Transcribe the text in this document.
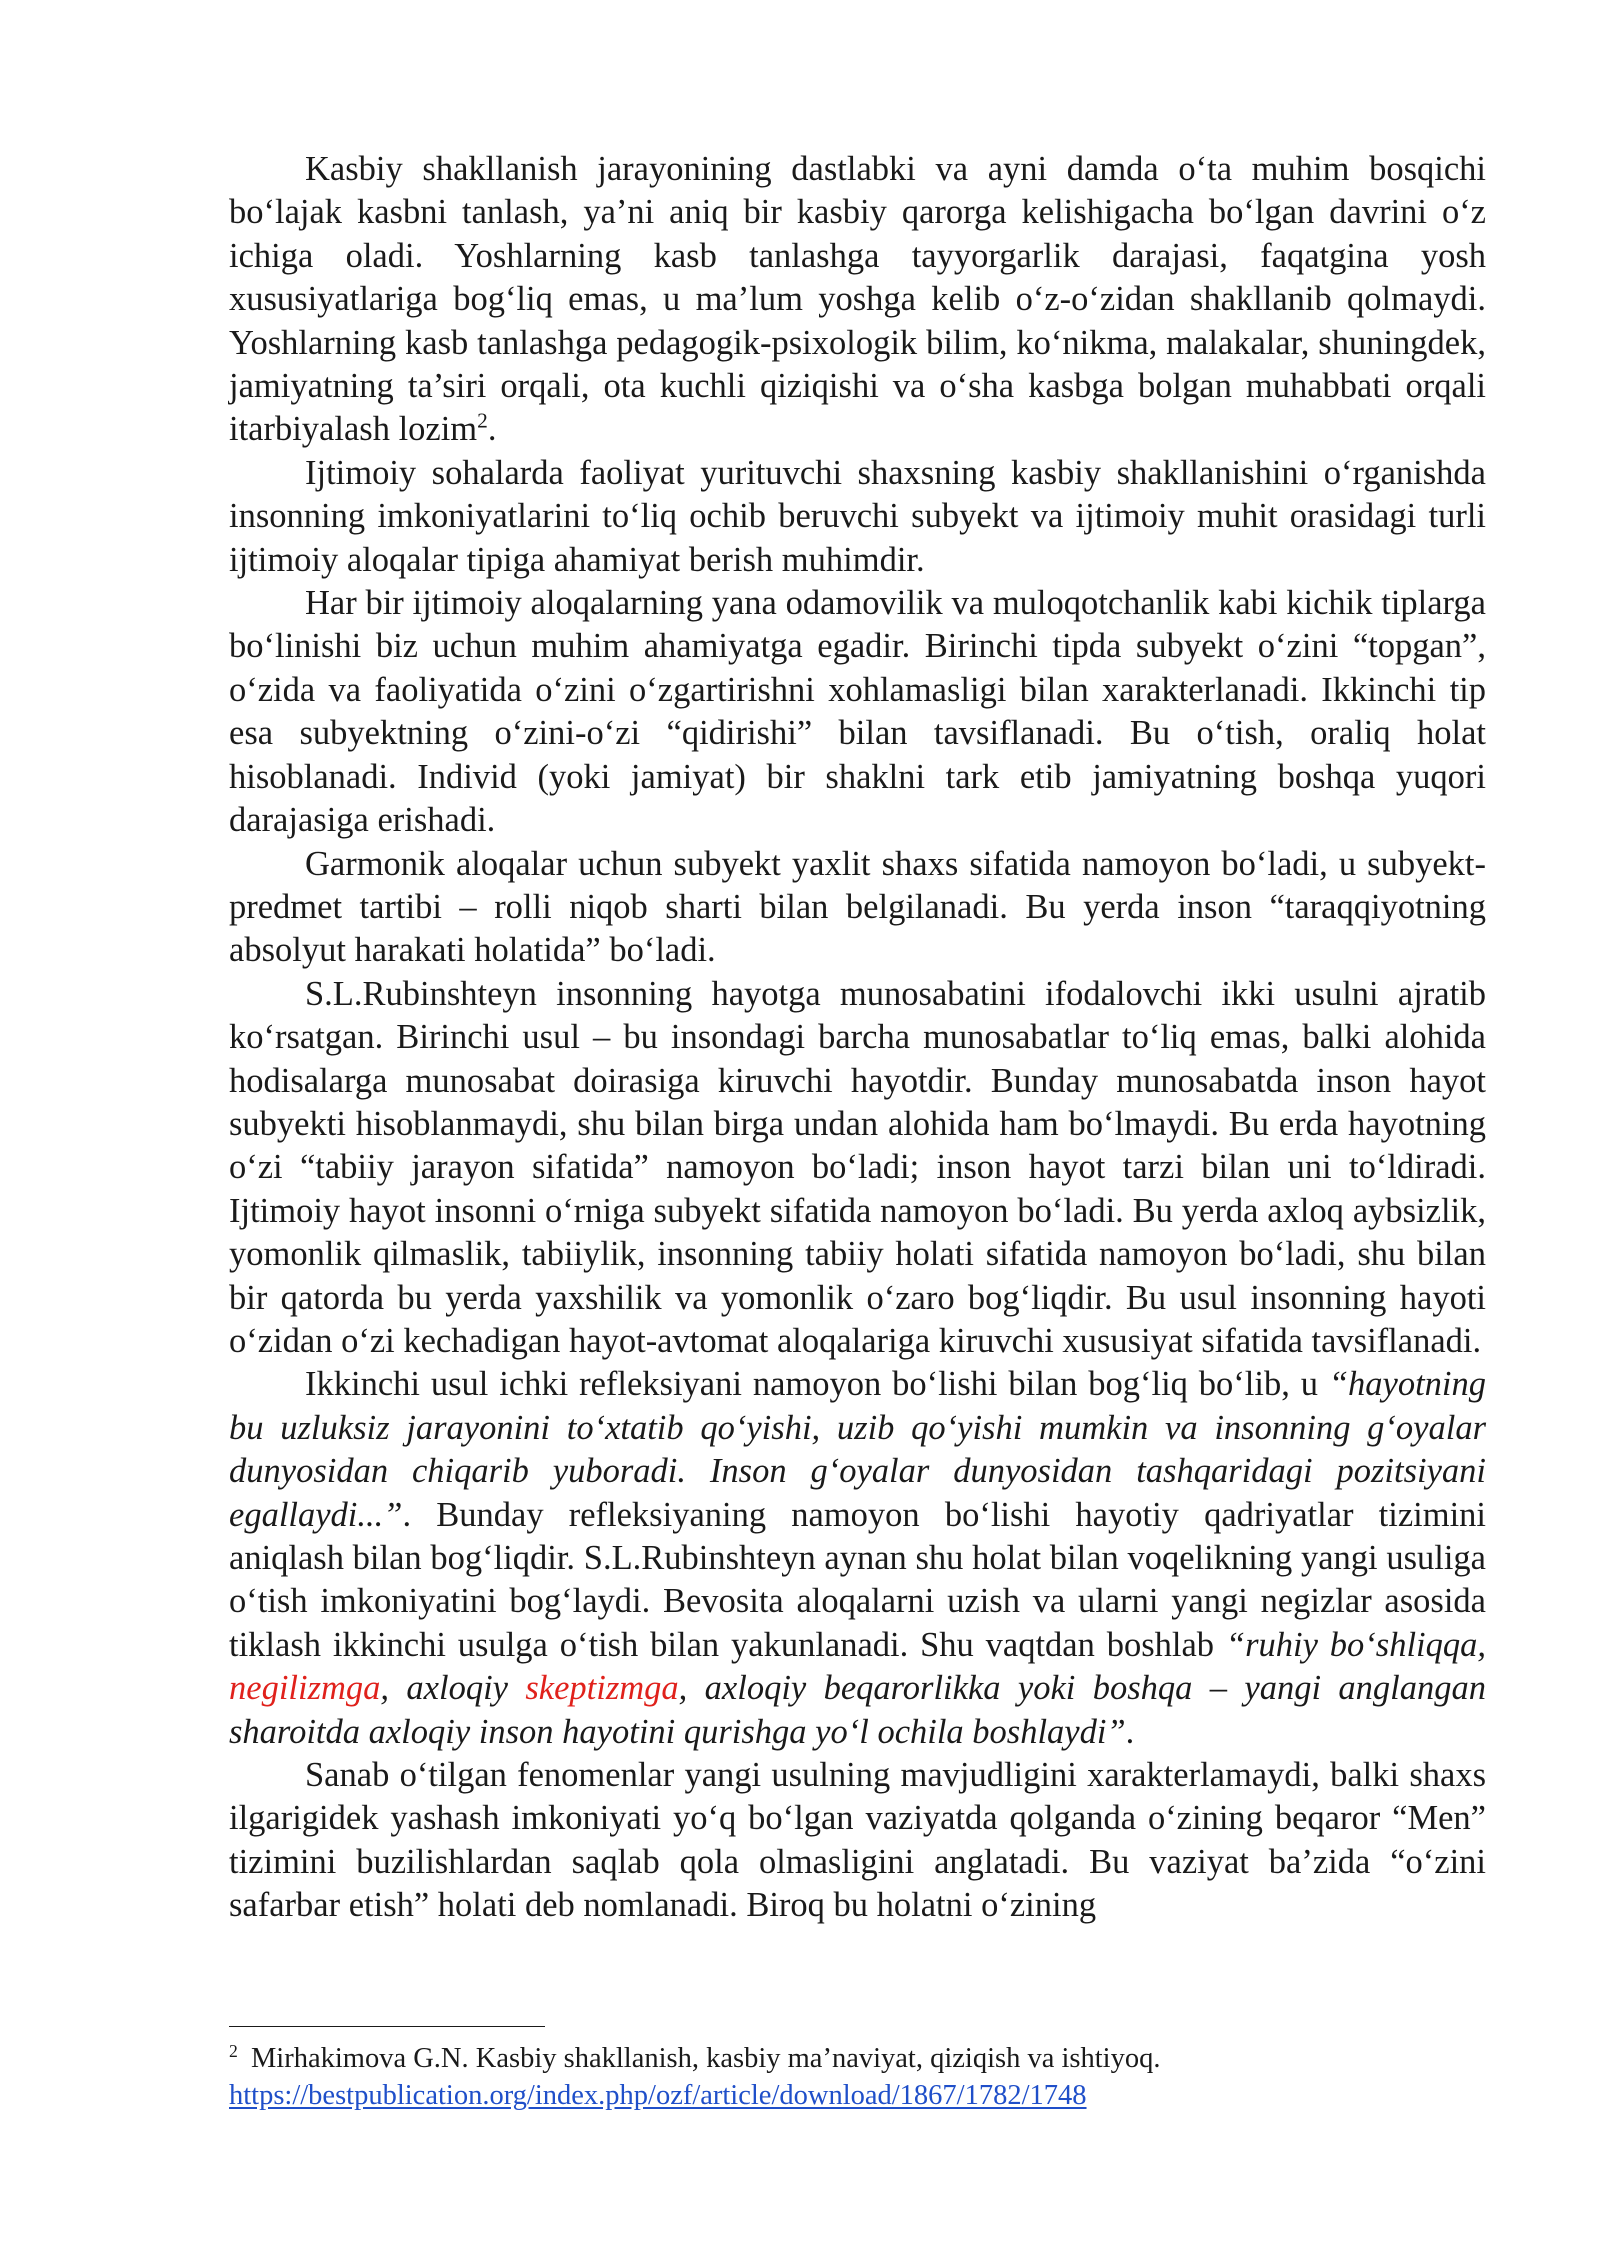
Kasbiy shakllanish jarayonining dastlabki va ayni damda o‘ta muhim bosqichi bo‘lajak kasbni tanlash, ya’ni aniq bir kasbiy qarorga kelishigacha bo‘lgan davrini o‘z ichiga oladi. Yoshlarning kasb tanlashga tayyorgarlik darajasi, faqatgina yosh xususiyatlariga bog‘liq emas, u ma’lum yoshga kelib o‘z-o‘zidan shakllanib qolmaydi. Yoshlarning kasb tanlashga pedagogik-psixologik bilim, ko‘nikma, malakalar, shuningdek, jamiyatning ta’siri orqali, ota kuchli qiziqishi va o‘sha kasbga bolgan muhabbati orqali itarbiyalash lozim$^2$.

Ijtimoiy sohalarda faoliyat yurituvchi shaxsning kasbiy shakllanishini o‘rganishda insonning imkoniyatlarini to‘liq ochib beruvchi subyekt va ijtimoiy muhit orasidagi turli ijtimoiy aloqalar tipiga ahamiyat berish muhimdir.

Har bir ijtimoiy aloqalarning yana odamovilik va muloqotchanlik kabi kichik tiplarga bo‘linishi biz uchun muhim ahamiyatga egadir. Birinchi tipda subyekt o‘zini “topgan”, o‘zida va faoliyatida o‘zini o‘zgartirishni xohlamasligi bilan xarakterlanadi. Ikkinchi tip esa subyektning o‘zini-o‘zi “qidirishi” bilan tavsiflanadi. Bu o‘tish, oraliq holat hisoblanadi. Individ (yoki jamiyat) bir shaklni tark etib jamiyatning boshqa yuqori darajasiga erishadi.

Garmonik aloqalar uchun subyekt yaxlit shaxs sifatida namoyon bo‘ladi, u subyekt-predmet tartibi – rolli niqob sharti bilan belgilanadi. Bu yerda inson “taraqqiyotning absolyut harakati holatida” bo‘ladi.

S.L.Rubinshteyn insonning hayotga munosabatini ifodalovchi ikki usulni ajratib ko‘rsatgan. Birinchi usul – bu insondagi barcha munosabatlar to‘liq emas, balki alohida hodisalarga munosabat doirasiga kiruvchi hayotdir. Bunday munosabatda inson hayot subyekti hisoblanmaydi, shu bilan birga undan alohida ham bo‘lmaydi. Bu erda hayotning o‘zi “tabiiy jarayon sifatida” namoyon bo‘ladi; inson hayot tarzi bilan uni to‘ldiradi. Ijtimoiy hayot insonni o‘rniga subyekt sifatida namoyon bo‘ladi. Bu yerda axloq aybsizlik, yomonlik qilmaslik, tabiiylik, insonning tabiiy holati sifatida namoyon bo‘ladi, shu bilan bir qatorda bu yerda yaxshilik va yomonlik o‘zaro bog‘liqdir. Bu usul insonning hayoti o‘zidan o‘zi kechadigan hayot-avtomat aloqalariga kiruvchi xususiyat sifatida tavsiflanadi.

Ikkinchi usul ichki refleksiyani namoyon bo‘lishi bilan bog‘liq bo‘lib, u “hayotning bu uzluksiz jarayonini to‘xtatib qo‘yishi, uzib qo‘yishi mumkin va insonning g‘oyalar dunyosidan chiqarib yuboradi. Inson g‘oyalar dunyosidan tashqaridagi pozitsiyani egallaydi...”. Bunday refleksiyaning namoyon bo‘lishi hayotiy qadriyatlar tizimini aniqlash bilan bog‘liqdir. S.L.Rubinshteyn aynan shu holat bilan voqelikning yangi usuliga o‘tish imkoniyatini bog‘laydi. Bevosita aloqalarni uzish va ularni yangi negizlar asosida tiklash ikkinchi usulga o‘tish bilan yakunlanadi. Shu vaqtdan boshlab “ruhiy bo‘shliqqa, negilizmga, axloqiy skeptizmga, axloqiy beqarorlikka yoki boshqa – yangi anglangan sharoitda axloqiy inson hayotini qurishga yo‘l ochila boshlaydi”.

Sanab o‘tilgan fenomenlar yangi usulning mavjudligini xarakterlamaydi, balki shaxs ilgarigidek yashash imkoniyati yo‘q bo‘lgan vaziyatda qolganda o‘zining beqaror “Men” tizimini buzilishlardan saqlab qola olmasligini anglatadi. Bu vaziyat ba’zida “o‘zini safarbar etish” holati deb nomlanadi. Biroq bu holatni o‘zining

$^2$ Mirhakimova G.N. Kasbiy shakllanish, kasbiy ma’naviyat, qiziqish va ishtiyoq.
https://bestpublication.org/index.php/ozf/article/download/1867/1782/1748
